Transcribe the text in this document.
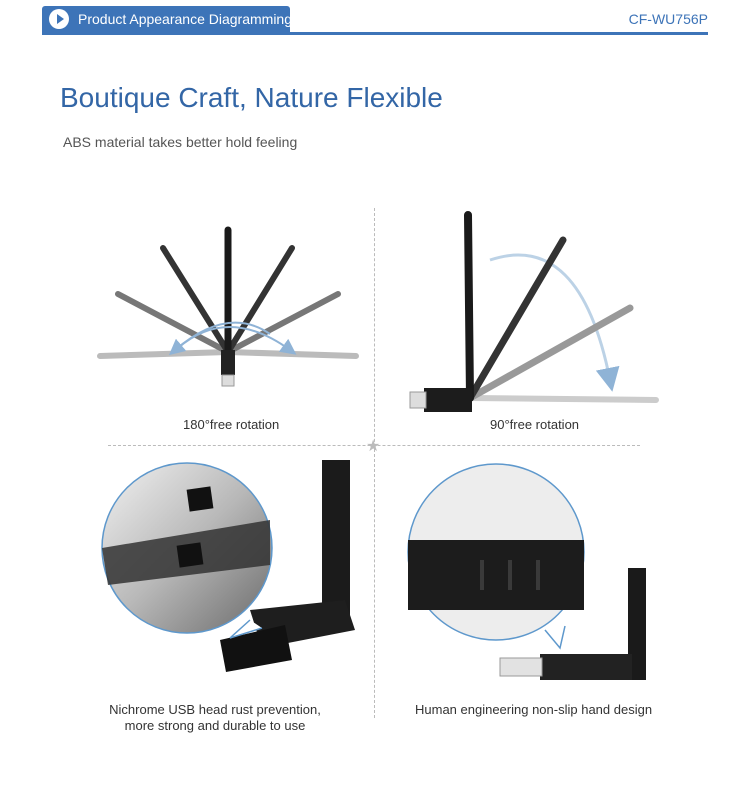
Product Appearance Diagramming	CF-WU756P
Boutique Craft, Nature Flexible
ABS material takes better hold feeling
★
180°free rotation	90°free rotation
Nichrome USB head rust prevention,
more strong and durable to use
Human engineering non-slip hand design
